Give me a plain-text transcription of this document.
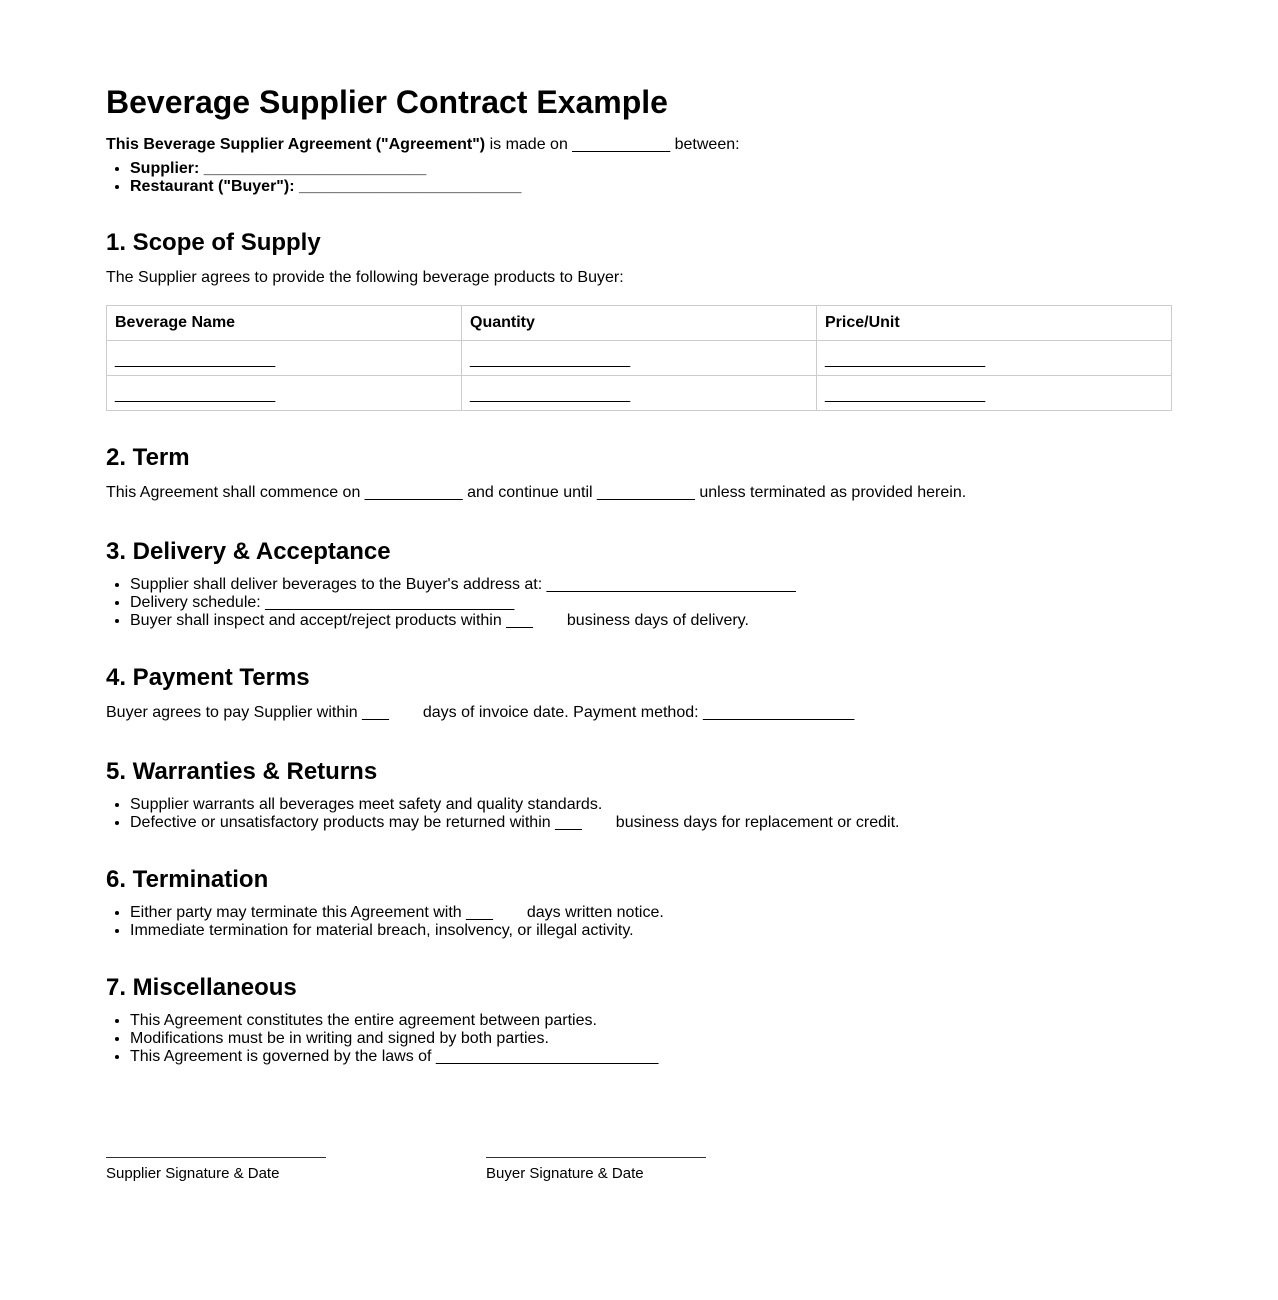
Beverage Supplier Contract Example

This Beverage Supplier Agreement ("Agreement") is made on ___________ between:

• Supplier: _________________________
• Restaurant ("Buyer"): _________________________
1. Scope of Supply

The Supplier agrees to provide the following beverage products to Buyer:

Beverage Name	Quantity	Price/Unit
__________________	__________________	__________________
__________________	__________________	__________________
2. Term

This Agreement shall commence on ___________ and continue until ___________ unless terminated as provided herein.

3. Delivery & Acceptance
• Supplier shall deliver beverages to the Buyer's address at: ____________________________
• Delivery schedule: ____________________________
• Buyer shall inspect and accept/reject products within ___ business days of delivery.
4. Payment Terms

Buyer agrees to pay Supplier within ___ days of invoice date. Payment method: _________________

5. Warranties & Returns
• Supplier warrants all beverages meet safety and quality standards.
• Defective or unsatisfactory products may be returned within ___ business days for replacement or credit.
6. Termination
• Either party may terminate this Agreement with ___ days written notice.
• Immediate termination for material breach, insolvency, or illegal activity.
7. Miscellaneous
• This Agreement constitutes the entire agreement between parties.
• Modifications must be in writing and signed by both parties.
• This Agreement is governed by the laws of _________________________
Supplier Signature & Date	Buyer Signature & Date
